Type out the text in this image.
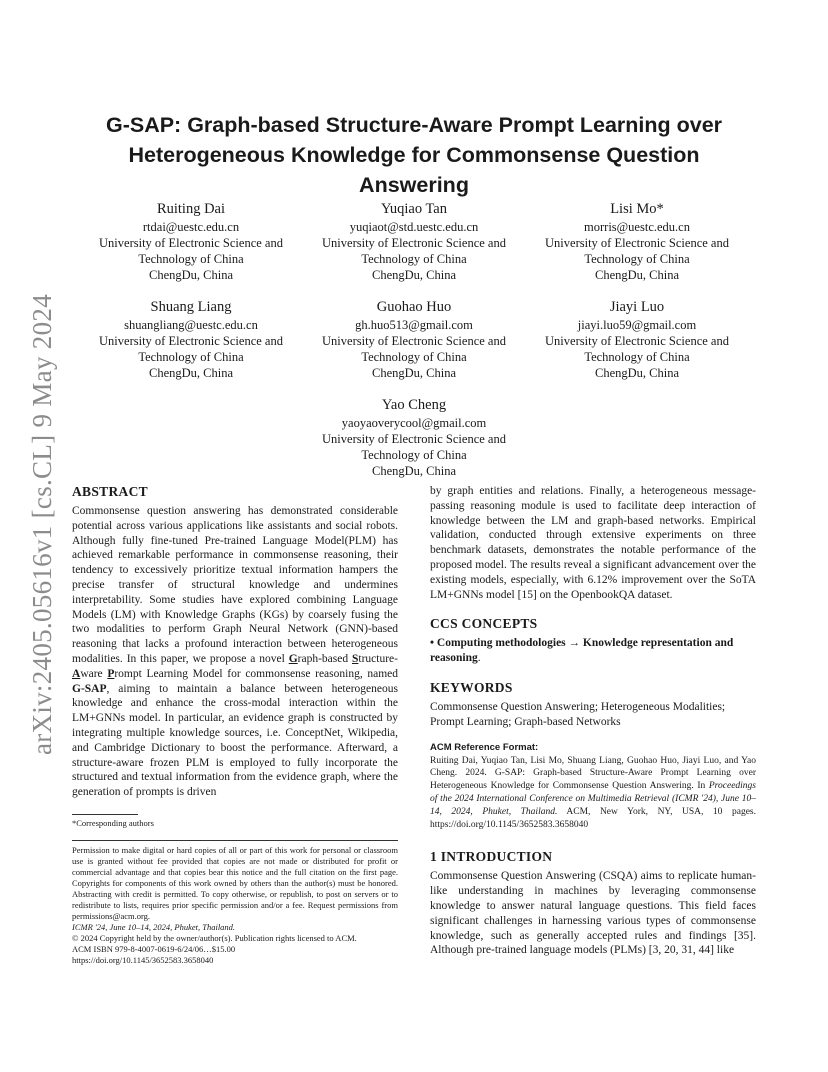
arXiv:2405.05616v1 [cs.CL] 9 May 2024
G-SAP: Graph-based Structure-Aware Prompt Learning over Heterogeneous Knowledge for Commonsense Question Answering
Ruiting Dai
rtdai@uestc.edu.cn
University of Electronic Science and
Technology of China
ChengDu, China
Yuqiao Tan
yuqiaot@std.uestc.edu.cn
University of Electronic Science and
Technology of China
ChengDu, China
Lisi Mo*
morris@uestc.edu.cn
University of Electronic Science and
Technology of China
ChengDu, China
Shuang Liang
shuangliang@uestc.edu.cn
University of Electronic Science and
Technology of China
ChengDu, China
Guohao Huo
gh.huo513@gmail.com
University of Electronic Science and
Technology of China
ChengDu, China
Jiayi Luo
jiayi.luo59@gmail.com
University of Electronic Science and
Technology of China
ChengDu, China
Yao Cheng
yaoyaoverycool@gmail.com
University of Electronic Science and
Technology of China
ChengDu, China
ABSTRACT

Commonsense question answering has demonstrated considerable potential across various applications like assistants and social robots. Although fully fine-tuned Pre-trained Language Model(PLM) has achieved remarkable performance in commonsense reasoning, their tendency to excessively prioritize textual information hampers the precise transfer of structural knowledge and undermines interpretability. Some studies have explored combining Language Models (LM) with Knowledge Graphs (KGs) by coarsely fusing the two modalities to perform Graph Neural Network (GNN)-based reasoning that lacks a profound interaction between heterogeneous modalities. In this paper, we propose a novel Graph-based Structure-Aware Prompt Learning Model for commonsense reasoning, named G-SAP, aiming to maintain a balance between heterogeneous knowledge and enhance the cross-modal interaction within the LM+GNNs model. In particular, an evidence graph is constructed by integrating multiple knowledge sources, i.e. ConceptNet, Wikipedia, and Cambridge Dictionary to boost the performance. Afterward, a structure-aware frozen PLM is employed to fully incorporate the structured and textual information from the evidence graph, where the generation of prompts is driven

*Corresponding authors

Permission to make digital or hard copies of all or part of this work for personal or classroom use is granted without fee provided that copies are not made or distributed for profit or commercial advantage and that copies bear this notice and the full citation on the first page. Copyrights for components of this work owned by others than the author(s) must be honored. Abstracting with credit is permitted. To copy otherwise, or republish, to post on servers or to redistribute to lists, requires prior specific permission and/or a fee. Request permissions from permissions@acm.org.

ICMR '24, June 10–14, 2024, Phuket, Thailand.

© 2024 Copyright held by the owner/author(s). Publication rights licensed to ACM.

ACM ISBN 979-8-4007-0619-6/24/06…$15.00

https://doi.org/10.1145/3652583.3658040

by graph entities and relations. Finally, a heterogeneous message-passing reasoning module is used to facilitate deep interaction of knowledge between the LM and graph-based networks. Empirical validation, conducted through extensive experiments on three benchmark datasets, demonstrates the notable performance of the proposed model. The results reveal a significant advancement over the existing models, especially, with 6.12% improvement over the SoTA LM+GNNs model [15] on the OpenbookQA dataset.

CCS CONCEPTS

• Computing methodologies → Knowledge representation and reasoning.

KEYWORDS

Commonsense Question Answering; Heterogeneous Modalities; Prompt Learning; Graph-based Networks

ACM Reference Format:

Ruiting Dai, Yuqiao Tan, Lisi Mo, Shuang Liang, Guohao Huo, Jiayi Luo, and Yao Cheng. 2024. G-SAP: Graph-based Structure-Aware Prompt Learning over Heterogeneous Knowledge for Commonsense Question Answering. In Proceedings of the 2024 International Conference on Multimedia Retrieval (ICMR '24), June 10–14, 2024, Phuket, Thailand. ACM, New York, NY, USA, 10 pages. https://doi.org/10.1145/3652583.3658040

1 INTRODUCTION

Commonsense Question Answering (CSQA) aims to replicate human-like understanding in machines by leveraging commonsense knowledge to answer natural language questions. This field faces significant challenges in harnessing various types of commonsense knowledge, such as generally accepted rules and findings [35]. Although pre-trained language models (PLMs) [3, 20, 31, 44] like
